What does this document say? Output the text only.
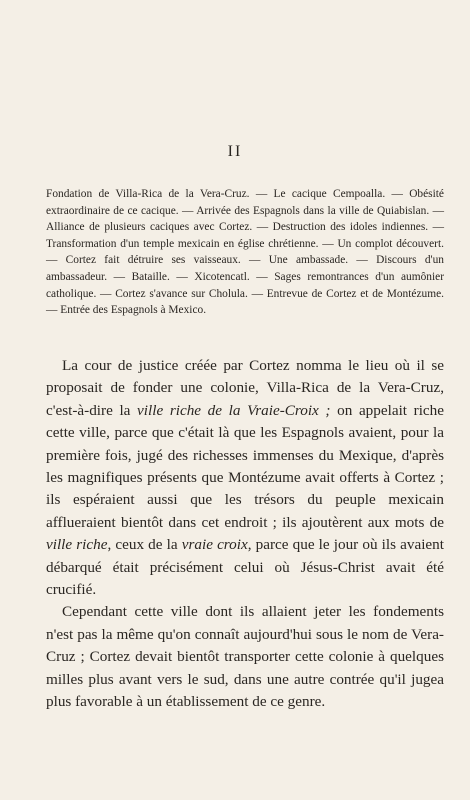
II
Fondation de Villa-Rica de la Vera-Cruz. — Le cacique Cempoalla. — Obésité extraordinaire de ce cacique. — Arrivée des Espagnols dans la ville de Quiabislan. — Alliance de plusieurs caciques avec Cortez. — Destruction des idoles indiennes. — Transformation d'un temple mexicain en église chrétienne. — Un complot découvert. — Cortez fait détruire ses vaisseaux. — Une ambassade. — Discours d'un ambassadeur. — Bataille. — Xicotencatl. — Sages remontrances d'un aumônier catholique. — Cortez s'avance sur Cholula. — Entrevue de Cortez et de Montézume. — Entrée des Espagnols à Mexico.

La cour de justice créée par Cortez nomma le lieu où il se proposait de fonder une colonie, Villa-Rica de la Vera-Cruz, c'est-à-dire la ville riche de la Vraie-Croix ; on appelait riche cette ville, parce que c'était là que les Espagnols avaient, pour la première fois, jugé des richesses immenses du Mexique, d'après les magnifiques présents que Montézume avait offerts à Cortez ; ils espéraient aussi que les trésors du peuple mexicain afflueraient bientôt dans cet endroit ; ils ajoutèrent aux mots de ville riche, ceux de la vraie croix, parce que le jour où ils avaient débarqué était précisément celui où Jésus-Christ avait été crucifié.

Cependant cette ville dont ils allaient jeter les fondements n'est pas la même qu'on connaît aujourd'hui sous le nom de Vera-Cruz ; Cortez devait bientôt transporter cette colonie à quelques milles plus avant vers le sud, dans une autre contrée qu'il jugea plus favorable à un établissement de ce genre.
